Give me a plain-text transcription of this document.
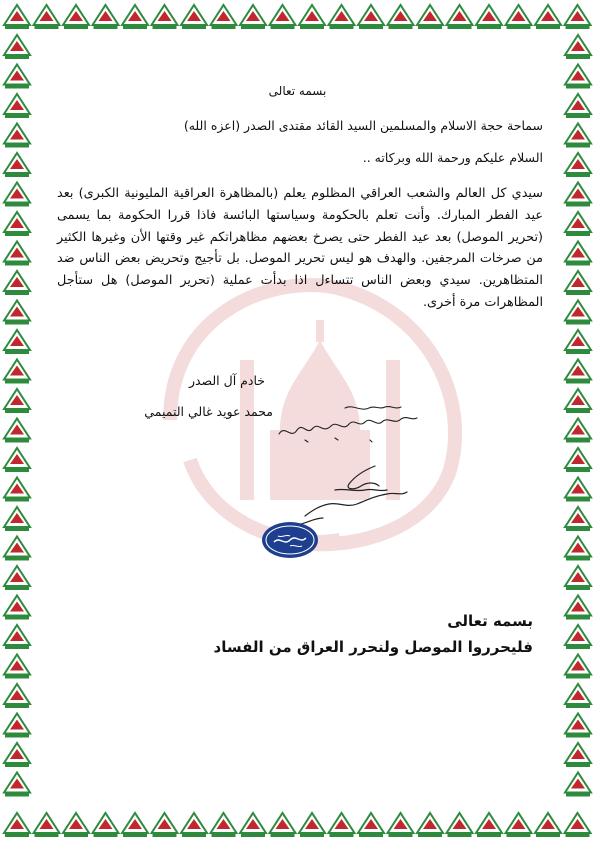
بسمه تعالى
سماحة حجة الاسلام والمسلمين السيد القائد مقتدى الصدر (اعزه الله)
السلام عليكم ورحمة الله وبركاته ..
سيدي كل العالم والشعب العراقي المظلوم يعلم (بالمظاهرة العراقية المليونية الكبرى) بعد عيد الفطر المبارك. وأنت تعلم بالحكومة وسياستها البائسة فاذا قررا الحكومة بما يسمى (تحرير الموصل) بعد عيد الفطر حتى يصرخ بعضهم مظاهراتكم غير وقتها الأن وغيرها الكثير من صرخات المرجفين. والهدف هو ليس تحرير الموصل. بل تأجيج وتحريض بعض الناس ضد المتظاهرين. سيدي وبعض الناس تتساءل اذا بدأت عملية (تحرير الموصل) هل ستأجل المظاهرات مرة أخرى.
خادم آل الصدر
محمد عويد غالي التميمي
بسمه تعالى
فليحرروا الموصل ولنحرر العراق من الفساد
